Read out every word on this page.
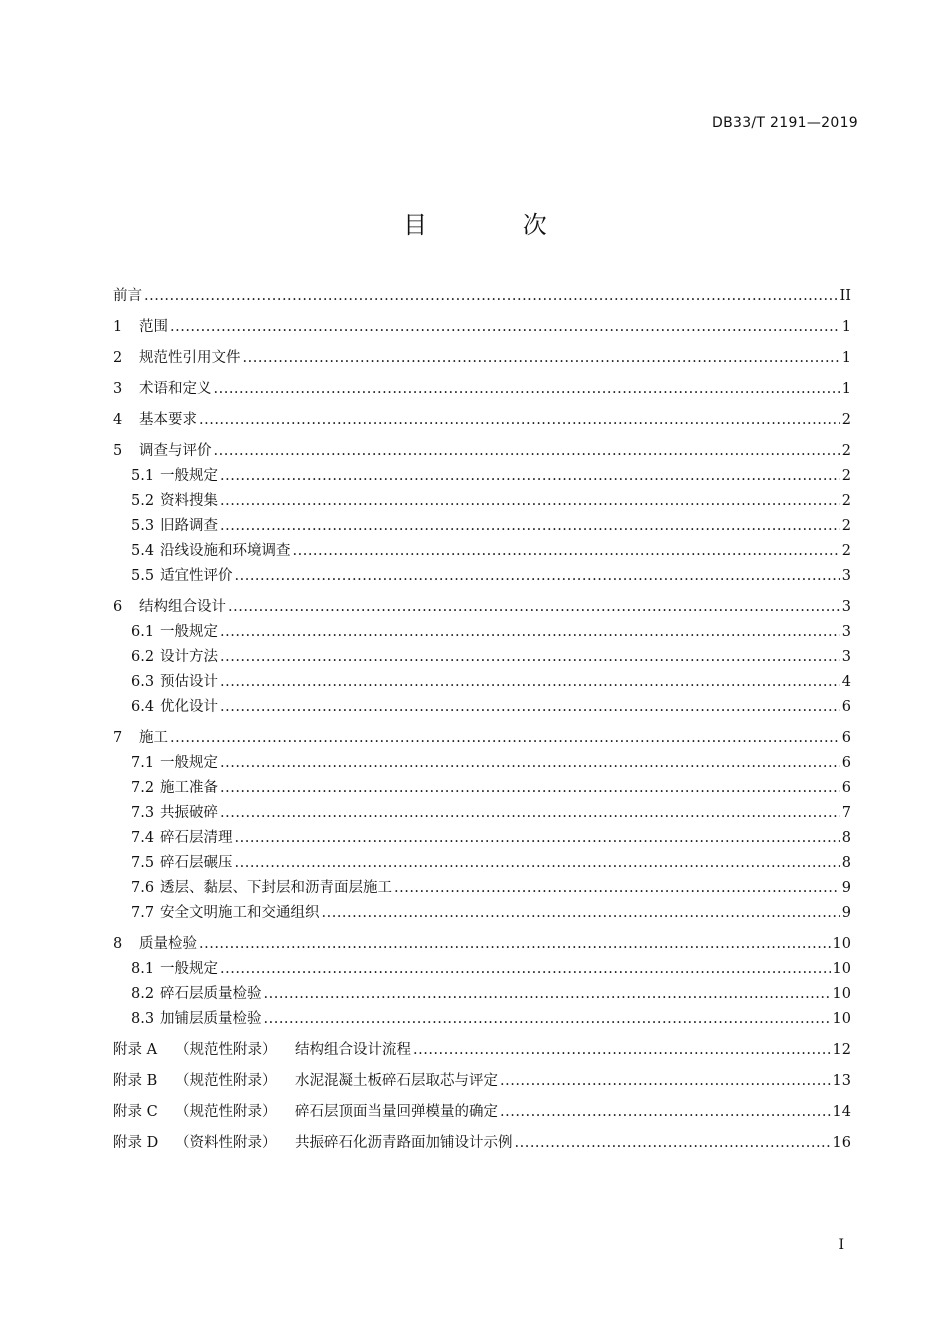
DB33/T 2191—2019
目 次
前言 .....	II
1	范围 .....	1
2	规范性引用文件 .....	1
3	术语和定义 .....	1
4	基本要求 .....	2
5	调查与评价 .....	2
5.1 一般规定 .....	2
5.2 资料搜集 .....	2
5.3 旧路调查 .....	2
5.4 沿线设施和环境调查 .....	2
5.5 适宜性评价 .....	3
6	结构组合设计 .....	3
6.1 一般规定 .....	3
6.2 设计方法 .....	3
6.3 预估设计 .....	4
6.4 优化设计 .....	6
7	施工 .....	6
7.1 一般规定 .....	6
7.2 施工准备 .....	6
7.3 共振破碎 .....	7
7.4 碎石层清理 .....	8
7.5 碎石层碾压 .....	8
7.6 透层、黏层、下封层和沥青面层施工 .....	9
7.7 安全文明施工和交通组织 .....	9
8	质量检验 .....	10
8.1 一般规定 .....	10
8.2 碎石层质量检验 .....	10
8.3 加铺层质量检验 .....	10
附录 A	（规范性附录）	结构组合设计流程 .....	12
附录 B	（规范性附录）	水泥混凝土板碎石层取芯与评定 .....	13
附录 C	（规范性附录）	碎石层顶面当量回弹模量的确定 .....	14
附录 D	（资料性附录）	共振碎石化沥青路面加铺设计示例 .....	16
I
